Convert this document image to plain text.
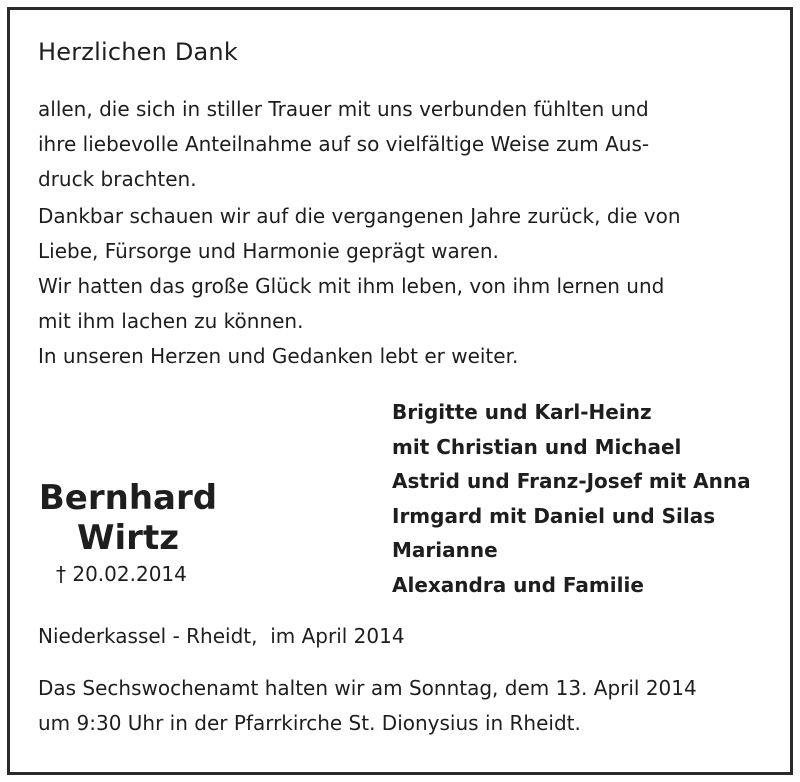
Herzlichen Dank
allen, die sich in stiller Trauer mit uns verbunden fühlten und
ihre liebevolle Anteilnahme auf so vielfältige Weise zum Aus-
druck brachten.
Dankbar schauen wir auf die vergangenen Jahre zurück, die von
Liebe, Fürsorge und Harmonie geprägt waren.
Wir hatten das große Glück mit ihm leben, von ihm lernen und
mit ihm lachen zu können.
In unseren Herzen und Gedanken lebt er weiter.
Bernhard
Wirtz
† 20.02.2014
Brigitte und Karl-Heinz
mit Christian und Michael
Astrid und Franz-Josef mit Anna
Irmgard mit Daniel und Silas
Marianne
Alexandra und Familie
Niederkassel - Rheidt,  im April 2014
Das Sechswochenamt halten wir am Sonntag, dem 13. April 2014
um 9:30 Uhr in der Pfarrkirche St. Dionysius in Rheidt.
